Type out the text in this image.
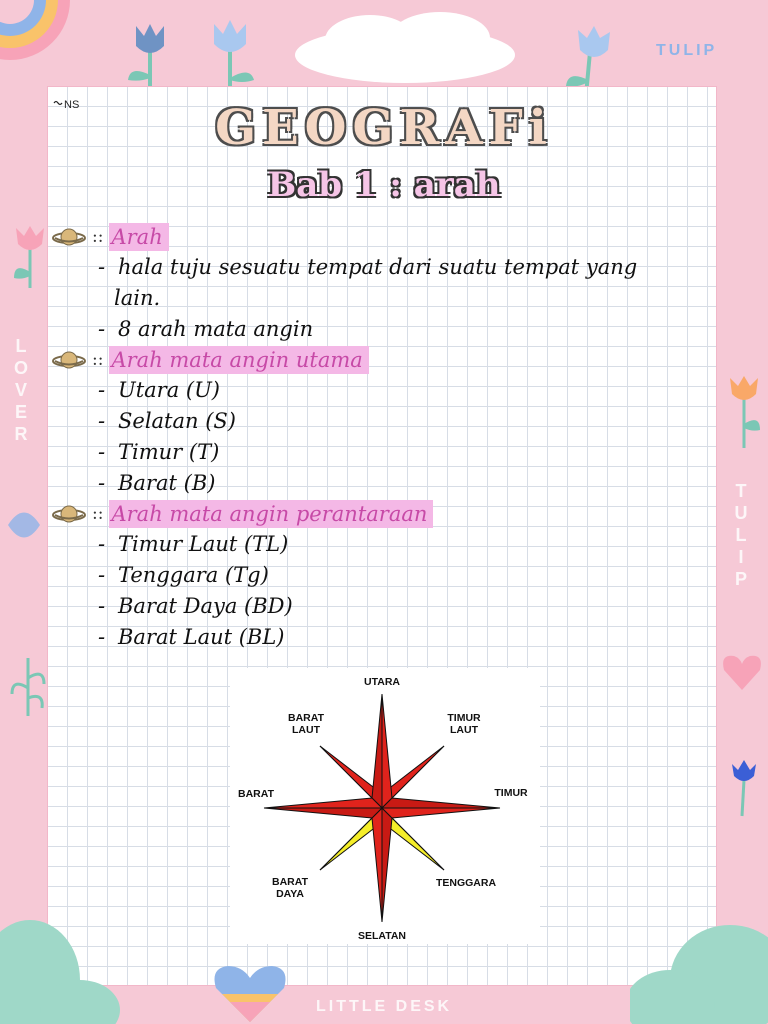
TULIP
L
O
V
E
R
T
U
L
I
P
NS	GEOGRAFi
Bab 1 : arah
:: Arah
- hala tuju sesuatu tempat dari suatu tempat yang
lain.
- 8 arah mata angin
:: Arah mata angin utama
- Utara (U)
- Selatan (S)
- Timur (T)
- Barat (B)
:: Arah mata angin perantaraan
- Timur Laut (TL)
- Tenggara (Tg)
- Barat Daya (BD)
- Barat Laut (BL)
UTARA
SELATAN
TIMUR
BARAT
TIMUR
LAUT
BARAT
LAUT
TENGGARA
BARAT
DAYA
LITTLE DESK
